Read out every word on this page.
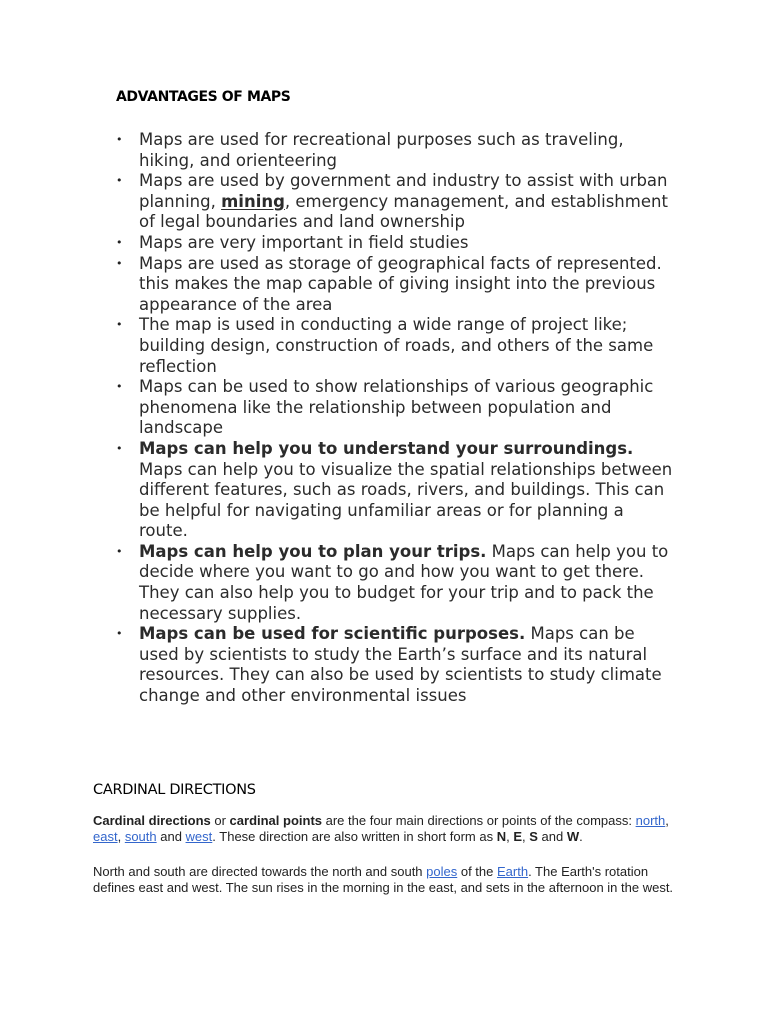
ADVANTAGES OF MAPS
• Maps are used for recreational purposes such as traveling, hiking, and orienteering
• Maps are used by government and industry to assist with urban planning, mining, emergency management, and establishment of legal boundaries and land ownership
• Maps are very important in field studies
• Maps are used as storage of geographical facts of represented. this makes the map capable of giving insight into the previous appearance of the area
• The map is used in conducting a wide range of project like; building design, construction of roads, and others of the same reflection
• Maps can be used to show relationships of various geographic phenomena like the relationship between population and landscape
• Maps can help you to understand your surroundings. Maps can help you to visualize the spatial relationships between different features, such as roads, rivers, and buildings. This can be helpful for navigating unfamiliar areas or for planning a route.
• Maps can help you to plan your trips. Maps can help you to decide where you want to go and how you want to get there. They can also help you to budget for your trip and to pack the necessary supplies.
• Maps can be used for scientific purposes. Maps can be used by scientists to study the Earth’s surface and its natural resources. They can also be used by scientists to study climate change and other environmental issues
CARDINAL DIRECTIONS

Cardinal directions or cardinal points are the four main directions or points of the compass: north, east, south and west. These direction are also written in short form as N, E, S and W.

North and south are directed towards the north and south poles of the Earth. The Earth's rotation defines east and west. The sun rises in the morning in the east, and sets in the afternoon in the west.
